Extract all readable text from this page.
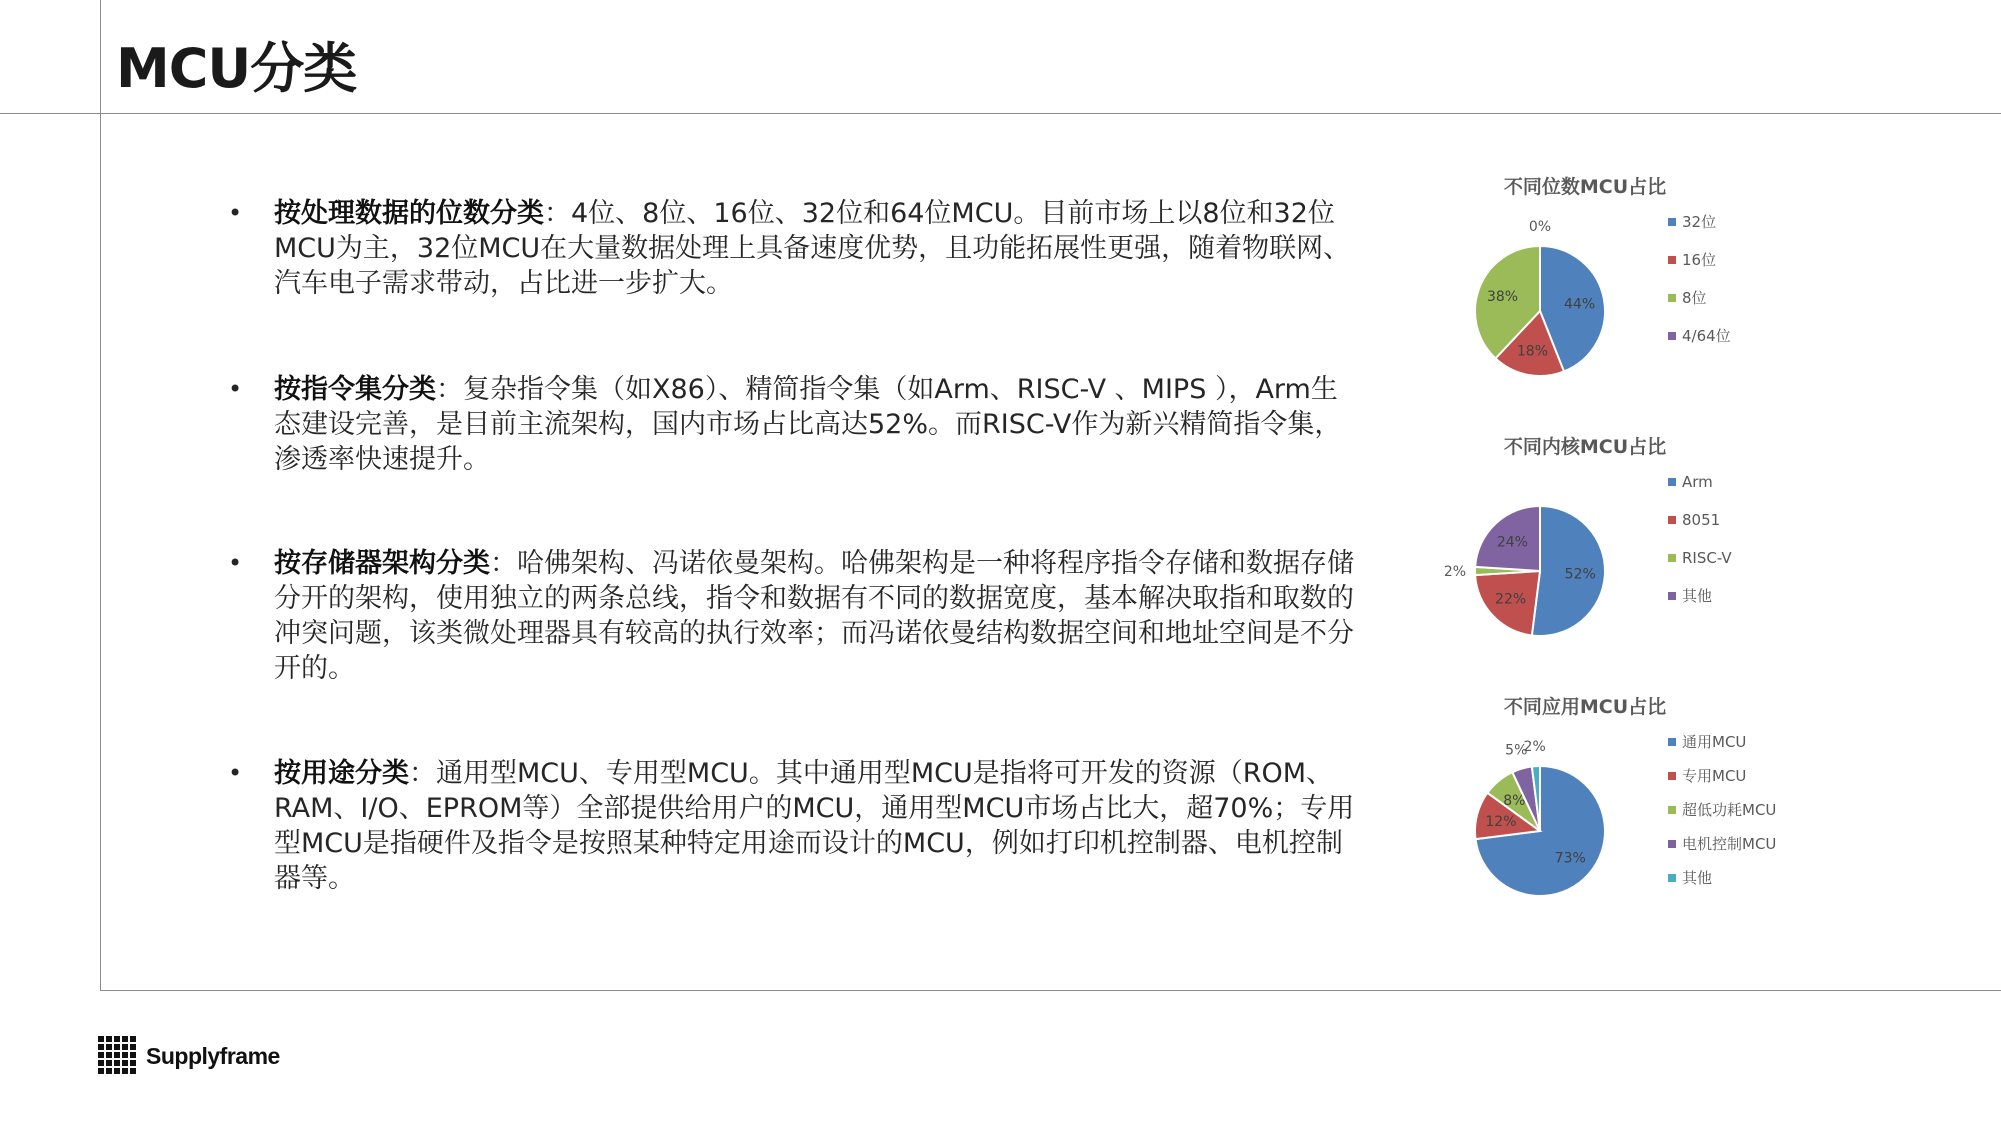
MCU分类
• 按处理数据的位数分类：4位、8位、16位、32位和64位MCU。目前市场上以8位和32位MCU为主，32位MCU在大量数据处理上具备速度优势，且功能拓展性更强，随着物联网、汽车电子需求带动，占比进一步扩大。
• 按指令集分类：复杂指令集（如X86）、精简指令集（如Arm、RISC-V 、MIPS ），Arm生态建设完善，是目前主流架构，国内市场占比高达52%。而RISC-V作为新兴精简指令集，渗透率快速提升。
• 按存储器架构分类：哈佛架构、冯诺依曼架构。哈佛架构是一种将程序指令存储和数据存储分开的架构，使用独立的两条总线，指令和数据有不同的数据宽度，基本解决取指和取数的冲突问题，该类微处理器具有较高的执行效率；而冯诺依曼结构数据空间和地址空间是不分开的。
• 按用途分类：通用型MCU、专用型MCU。其中通用型MCU是指将可开发的资源（ROM、RAM、I/O、EPROM等）全部提供给用户的MCU，通用型MCU市场占比大，超70%；专用型MCU是指硬件及指令是按照某种特定用途而设计的MCU，例如打印机控制器、电机控制器等。
不同位数MCU占比
44%
18%
38%
0%	32位
16位
8位
4/64位
不同内核MCU占比
52%
22%
2%
24%
Arm
8051
RISC-V
其他
不同应用MCU占比
73%
12%
8%
5%
2%	通用MCU
专用MCU
超低功耗MCU
电机控制MCU
其他
Supplyframe
